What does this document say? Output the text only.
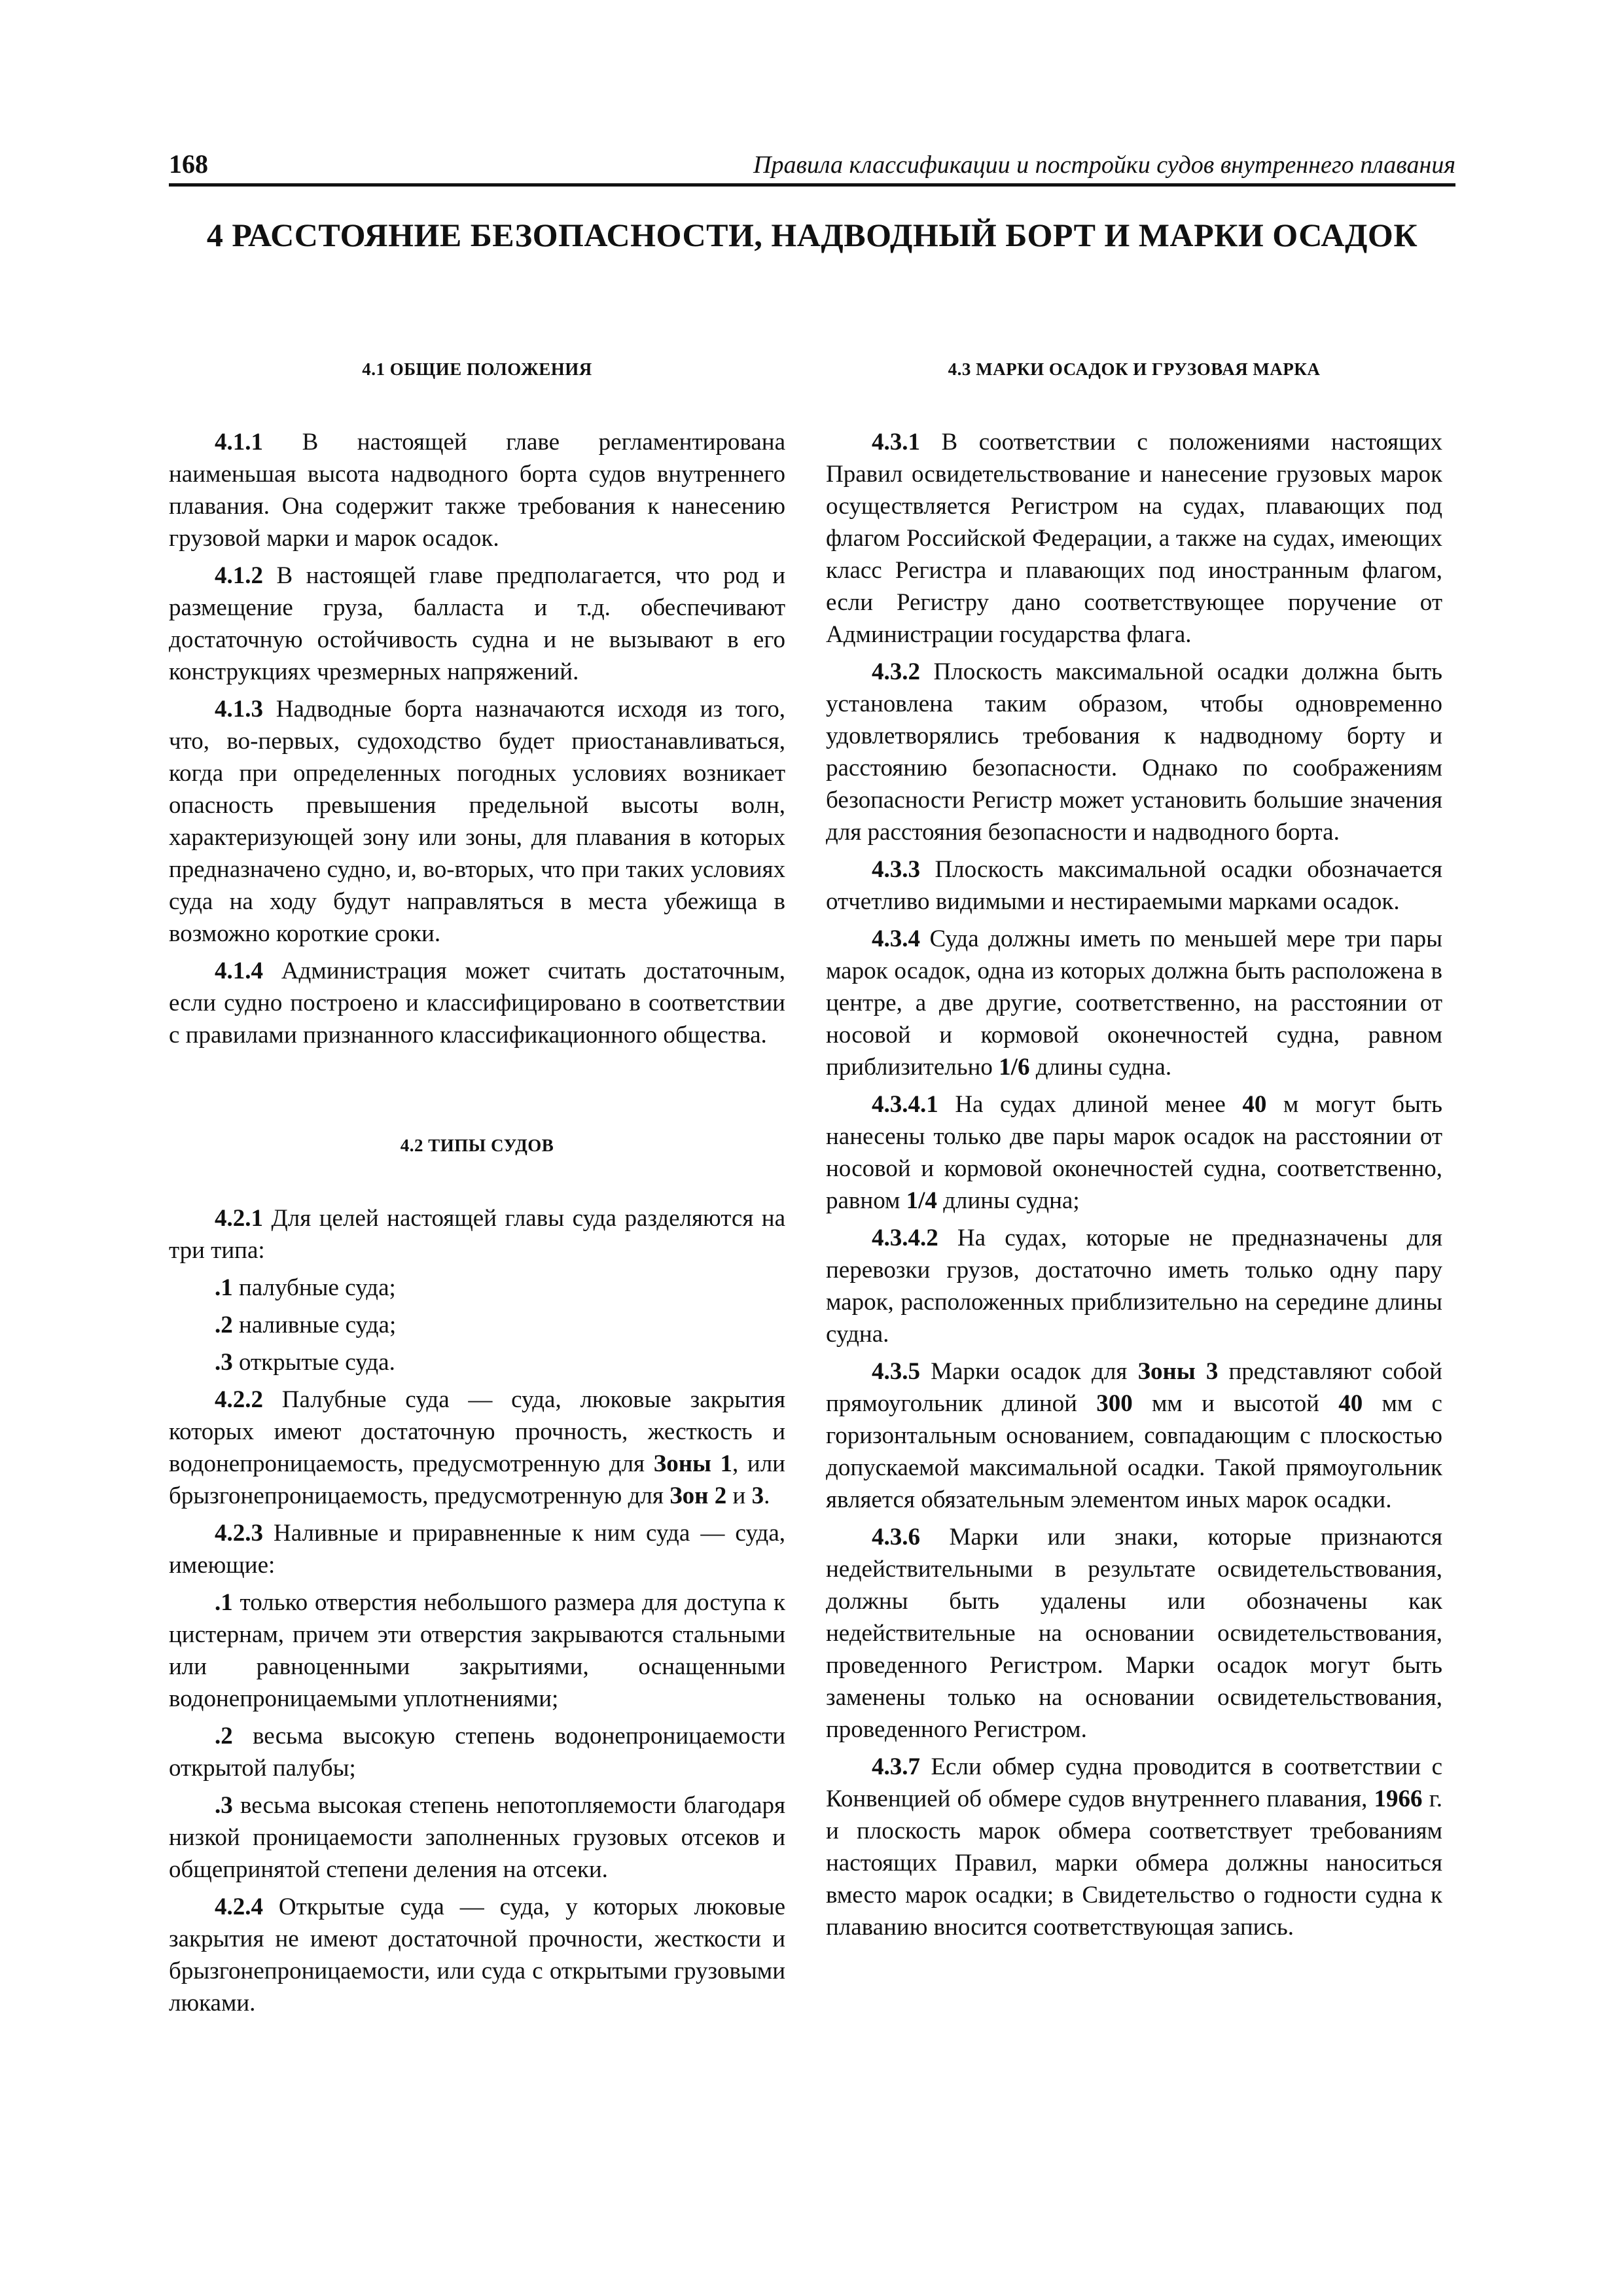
168	Правила классификации и постройки судов внутреннего плавания
4 РАССТОЯНИЕ БЕЗОПАСНОСТИ, НАДВОДНЫЙ БОРТ И МАРКИ ОСАДОК
4.1 ОБЩИЕ ПОЛОЖЕНИЯ

4.1.1 В настоящей главе регламентирована наименьшая высота надводного борта судов внутреннего плавания. Она содержит также требования к нанесению грузовой марки и марок осадок.

4.1.2 В настоящей главе предполагается, что род и размещение груза, балласта и т.д. обеспечивают достаточную остойчивость судна и не вызывают в его конструкциях чрезмерных напряжений.

4.1.3 Надводные борта назначаются исходя из того, что, во-первых, судоходство будет приостанавливаться, когда при определенных погодных условиях возникает опасность превышения предельной высоты волн, характеризующей зону или зоны, для плавания в которых предназначено судно, и, во-вторых, что при таких условиях суда на ходу будут направляться в места убежища в возможно короткие сроки.

4.1.4 Администрация может считать достаточным, если судно построено и классифицировано в соответствии с правилами признанного классификационного общества.

4.2 ТИПЫ СУДОВ

4.2.1 Для целей настоящей главы суда разделяются на три типа:

.1 палубные суда;

.2 наливные суда;

.3 открытые суда.

4.2.2 Палубные суда — суда, люковые закрытия которых имеют достаточную прочность, жесткость и водонепроницаемость, предусмотренную для Зоны 1, или брызгонепроницаемость, предусмотренную для Зон 2 и 3.

4.2.3 Наливные и приравненные к ним суда — суда, имеющие:

.1 только отверстия небольшого размера для доступа к цистернам, причем эти отверстия закрываются стальными или равноценными закрытиями, оснащенными водонепроницаемыми уплотнениями;

.2 весьма высокую степень водонепроницаемости открытой палубы;

.3 весьма высокая степень непотопляемости благодаря низкой проницаемости заполненных грузовых отсеков и общепринятой степени деления на отсеки.

4.2.4 Открытые суда — суда, у которых люковые закрытия не имеют достаточной прочности, жесткости и брызгонепроницаемости, или суда с открытыми грузовыми люками.

4.3 МАРКИ ОСАДОК И ГРУЗОВАЯ МАРКА

4.3.1 В соответствии с положениями настоящих Правил освидетельствование и нанесение грузовых марок осуществляется Регистром на судах, плавающих под флагом Российской Федерации, а также на судах, имеющих класс Регистра и плавающих под иностранным флагом, если Регистру дано соответствующее поручение от Администрации государства флага.

4.3.2 Плоскость максимальной осадки должна быть установлена таким образом, чтобы одновременно удовлетворялись требования к надводному борту и расстоянию безопасности. Однако по соображениям безопасности Регистр может установить большие значения для расстояния безопасности и надводного борта.

4.3.3 Плоскость максимальной осадки обозначается отчетливо видимыми и нестираемыми марками осадок.

4.3.4 Суда должны иметь по меньшей мере три пары марок осадок, одна из которых должна быть расположена в центре, а две другие, соответственно, на расстоянии от носовой и кормовой оконечностей судна, равном приблизительно 1/6 длины судна.

4.3.4.1 На судах длиной менее 40 м могут быть нанесены только две пары марок осадок на расстоянии от носовой и кормовой оконечностей судна, соответственно, равном 1/4 длины судна;

4.3.4.2 На судах, которые не предназначены для перевозки грузов, достаточно иметь только одну пару марок, расположенных приблизительно на середине длины судна.

4.3.5 Марки осадок для Зоны 3 представляют собой прямоугольник длиной 300 мм и высотой 40 мм с горизонтальным основанием, совпадающим с плоскостью допускаемой максимальной осадки. Такой прямоугольник является обязательным элементом иных марок осадки.

4.3.6 Марки или знаки, которые признаются недействительными в результате освидетельствования, должны быть удалены или обозначены как недействительные на основании освидетельствования, проведенного Регистром. Марки осадок могут быть заменены только на основании освидетельствования, проведенного Регистром.

4.3.7 Если обмер судна проводится в соответствии с Конвенцией об обмере судов внутреннего плавания, 1966 г. и плоскость марок обмера соответствует требованиям настоящих Правил, марки обмера должны наноситься вместо марок осадки; в Свидетельство о годности судна к плаванию вносится соответствующая запись.
